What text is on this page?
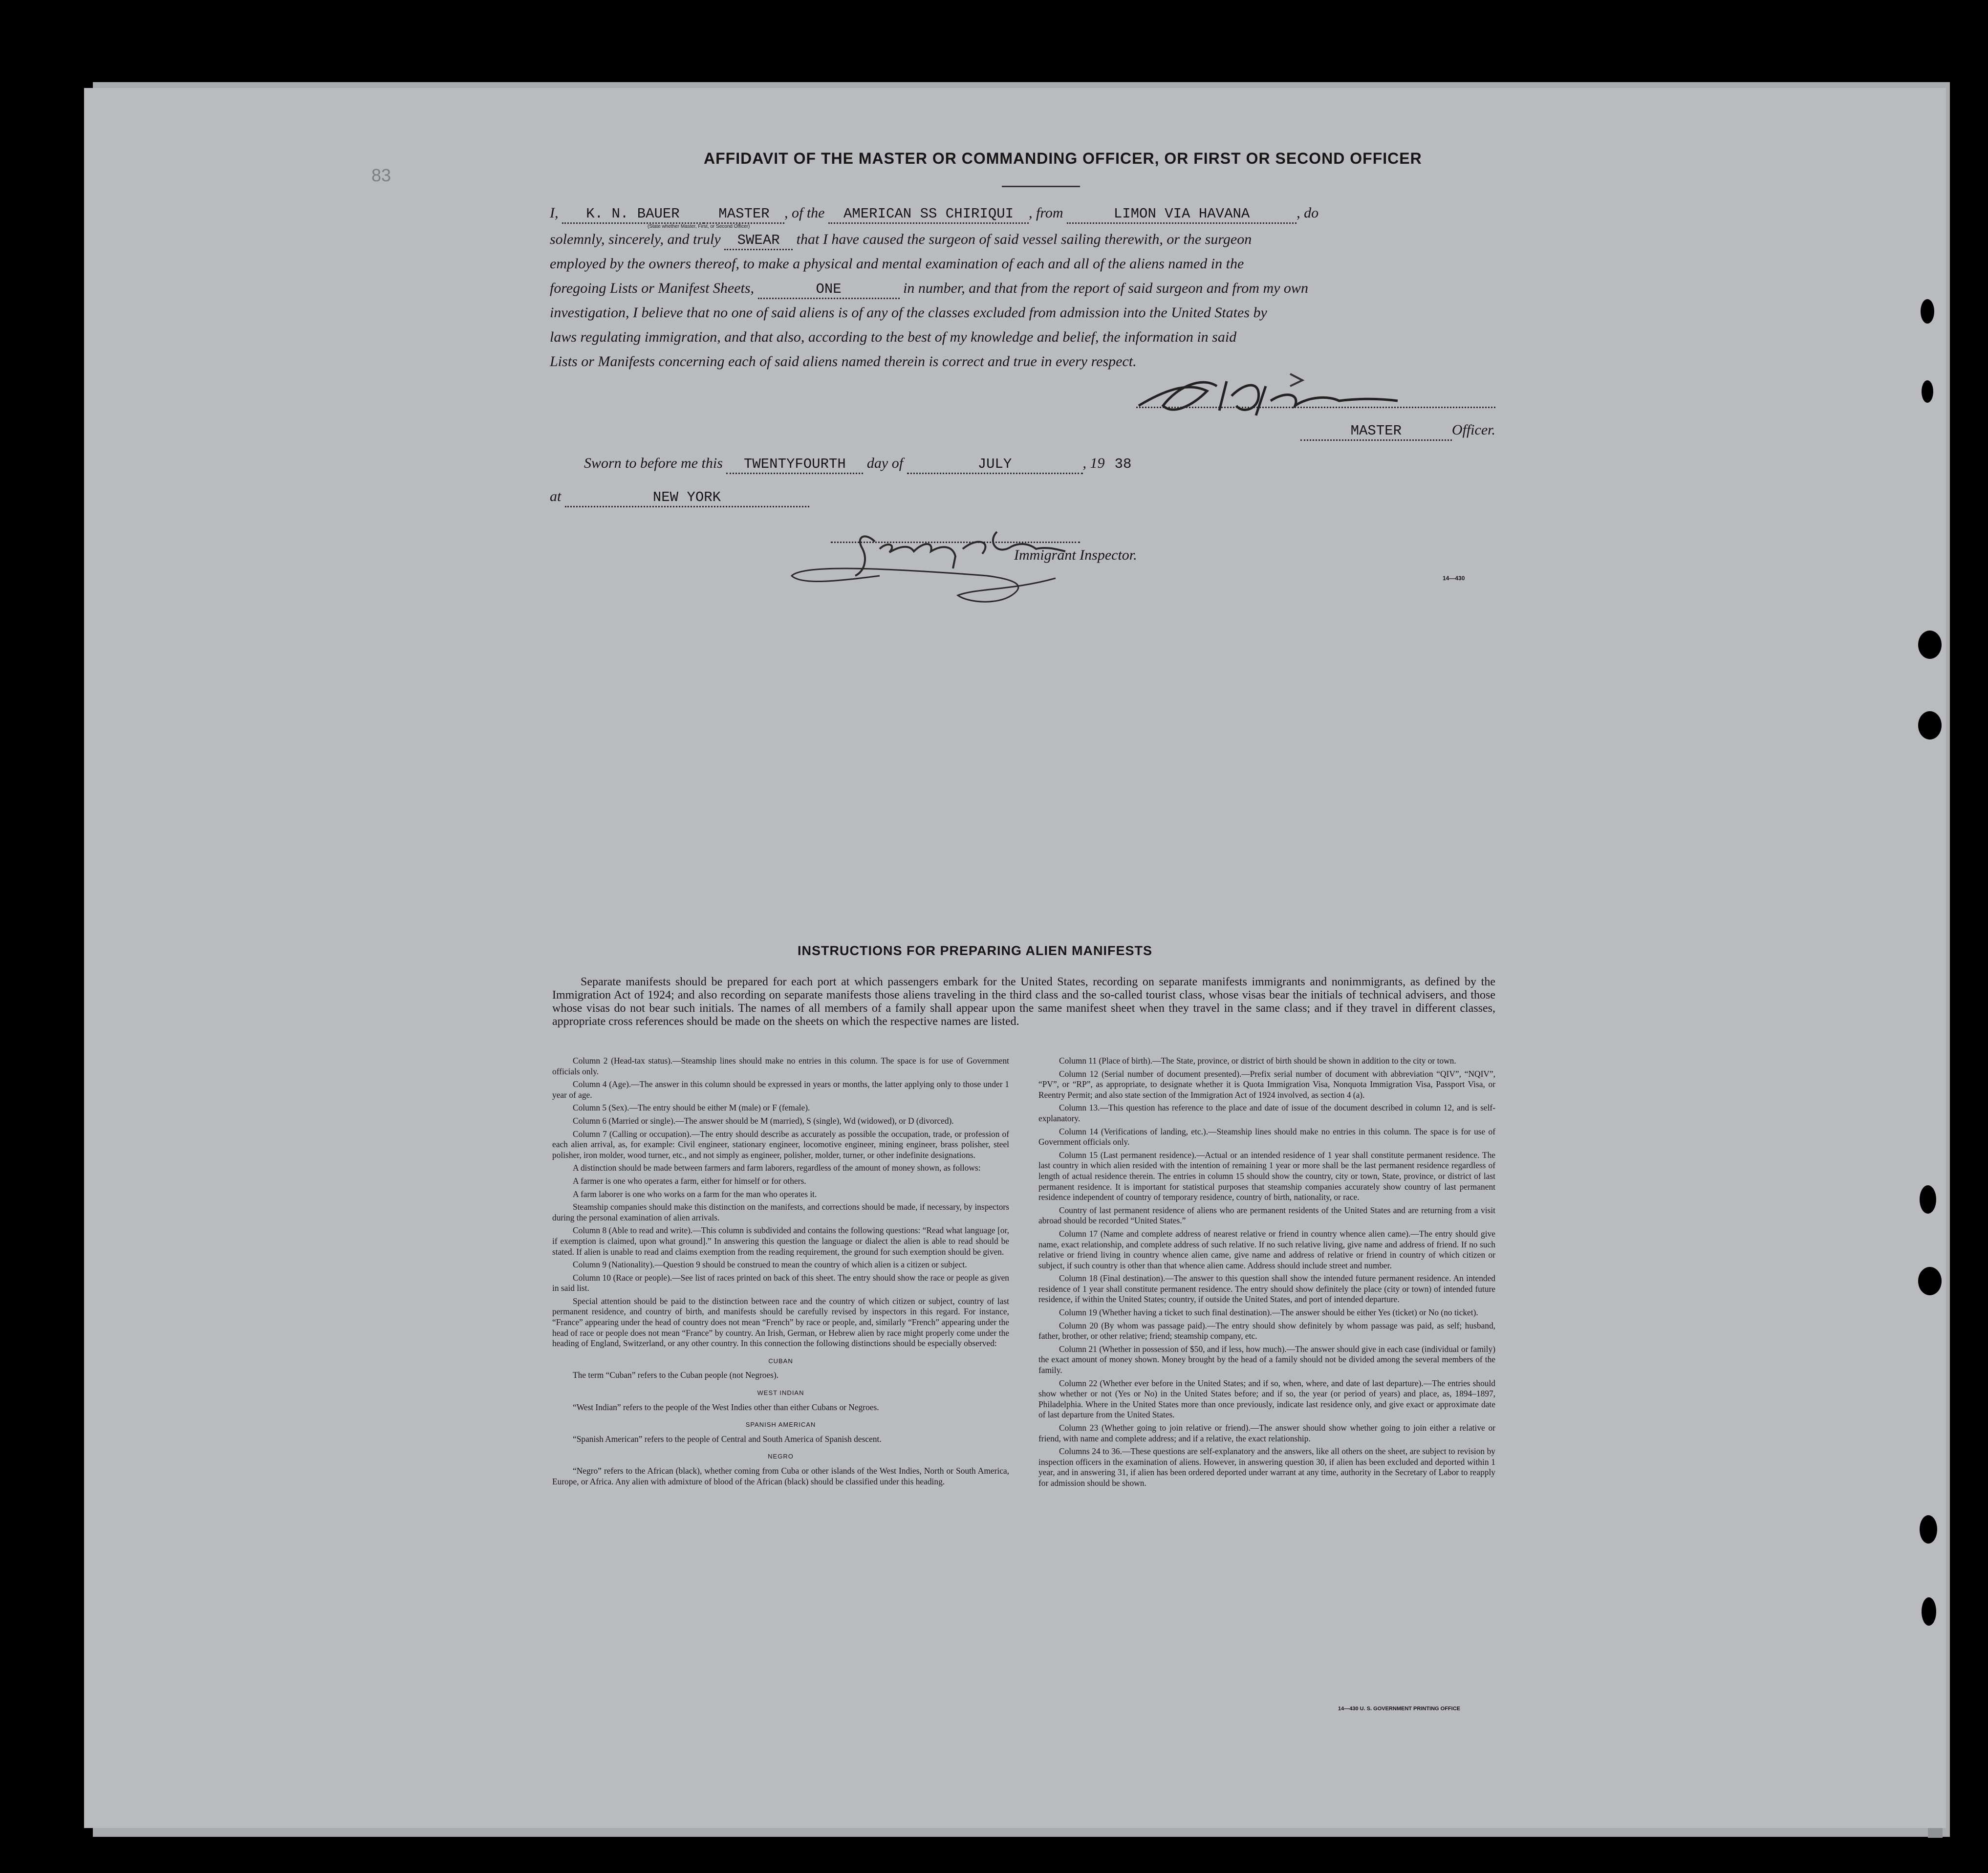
83
AFFIDAVIT OF THE MASTER OR COMMANDING OFFICER, OR FIRST OR SECOND OFFICER
I, K. N. BAUER	MASTER , of the AMERICAN SS CHIRIQUI , from	LIMON VIA HAVANA	, do
(State whether Master, First, or Second Officer)
solemnly, sincerely, and truly SWEAR that I have caused the surgeon of said vessel sailing therewith, or the surgeon
employed by the owners thereof, to make a physical and mental examination of each and all of the aliens named in the
foregoing Lists or Manifest Sheets,	ONE	in number, and that from the report of said surgeon and from my own
investigation, I believe that no one of said aliens is of any of the classes excluded from admission into the United States by
laws regulating immigration, and that also, according to the best of my knowledge and belief, the information in said
Lists or Manifests concerning each of said aliens named therein is correct and true in every respect.
MASTER	Officer.
Sworn to before me this TWENTYFOURTH day of	JULY	, 19 38
at	NEW YORK
Immigrant Inspector.
14—430
INSTRUCTIONS FOR PREPARING ALIEN MANIFESTS
Separate manifests should be prepared for each port at which passengers embark for the United States, recording on separate manifests immigrants and nonimmigrants, as defined by the Immigration Act of 1924; and also recording on separate manifests those aliens traveling in the third class and the so-called tourist class, whose visas bear the initials of technical advisers, and those whose visas do not bear such initials. The names of all members of a family shall appear upon the same manifest sheet when they travel in the same class; and if they travel in different classes, appropriate cross references should be made on the sheets on which the respective names are listed.

Column 2 (Head-tax status).—Steamship lines should make no entries in this column. The space is for use of Government officials only.

Column 4 (Age).—The answer in this column should be expressed in years or months, the latter applying only to those under 1 year of age.

Column 5 (Sex).—The entry should be either M (male) or F (female).

Column 6 (Married or single).—The answer should be M (married), S (single), Wd (widowed), or D (divorced).

Column 7 (Calling or occupation).—The entry should describe as accurately as possible the occupation, trade, or profession of each alien arrival, as, for example: Civil engineer, stationary engineer, locomotive engineer, mining engineer, brass polisher, steel polisher, iron molder, wood turner, etc., and not simply as engineer, polisher, molder, turner, or other indefinite designations.

A distinction should be made between farmers and farm laborers, regardless of the amount of money shown, as follows:

A farmer is one who operates a farm, either for himself or for others.

A farm laborer is one who works on a farm for the man who operates it.

Steamship companies should make this distinction on the manifests, and corrections should be made, if necessary, by inspectors during the personal examination of alien arrivals.

Column 8 (Able to read and write).—This column is subdivided and contains the following questions: “Read what language [or, if exemption is claimed, upon what ground].” In answering this question the language or dialect the alien is able to read should be stated. If alien is unable to read and claims exemption from the reading requirement, the ground for such exemption should be given.

Column 9 (Nationality).—Question 9 should be construed to mean the country of which alien is a citizen or subject.

Column 10 (Race or people).—See list of races printed on back of this sheet. The entry should show the race or people as given in said list.

Special attention should be paid to the distinction between race and the country of which citizen or subject, country of last permanent residence, and country of birth, and manifests should be carefully revised by inspectors in this regard. For instance, “France” appearing under the head of country does not mean “French” by race or people, and, similarly “French” appearing under the head of race or people does not mean “France” by country. An Irish, German, or Hebrew alien by race might properly come under the heading of England, Switzerland, or any other country. In this connection the following distinctions should be especially observed:

CUBAN

The term “Cuban” refers to the Cuban people (not Negroes).

WEST INDIAN

“West Indian” refers to the people of the West Indies other than either Cubans or Negroes.

SPANISH AMERICAN

“Spanish American” refers to the people of Central and South America of Spanish descent.

NEGRO

“Negro” refers to the African (black), whether coming from Cuba or other islands of the West Indies, North or South America, Europe, or Africa. Any alien with admixture of blood of the African (black) should be classified under this heading.

Column 11 (Place of birth).—The State, province, or district of birth should be shown in addition to the city or town.

Column 12 (Serial number of document presented).—Prefix serial number of document with abbreviation “QIV”, “NQIV”, “PV”, or “RP”, as appropriate, to designate whether it is Quota Immigration Visa, Nonquota Immigration Visa, Passport Visa, or Reentry Permit; and also state section of the Immigration Act of 1924 involved, as section 4 (a).

Column 13.—This question has reference to the place and date of issue of the document described in column 12, and is self-explanatory.

Column 14 (Verifications of landing, etc.).—Steamship lines should make no entries in this column. The space is for use of Government officials only.

Column 15 (Last permanent residence).—Actual or an intended residence of 1 year shall constitute permanent residence. The last country in which alien resided with the intention of remaining 1 year or more shall be the last permanent residence regardless of length of actual residence therein. The entries in column 15 should show the country, city or town, State, province, or district of last permanent residence. It is important for statistical purposes that steamship companies accurately show country of last permanent residence independent of country of temporary residence, country of birth, nationality, or race.

Country of last permanent residence of aliens who are permanent residents of the United States and are returning from a visit abroad should be recorded “United States.”

Column 17 (Name and complete address of nearest relative or friend in country whence alien came).—The entry should give name, exact relationship, and complete address of such relative. If no such relative living, give name and address of friend. If no such relative or friend living in country whence alien came, give name and address of relative or friend in country of which citizen or subject, if such country is other than that whence alien came. Address should include street and number.

Column 18 (Final destination).—The answer to this question shall show the intended future permanent residence. An intended residence of 1 year shall constitute permanent residence. The entry should show definitely the place (city or town) of intended future residence, if within the United States; country, if outside the United States, and port of intended departure.

Column 19 (Whether having a ticket to such final destination).—The answer should be either Yes (ticket) or No (no ticket).

Column 20 (By whom was passage paid).—The entry should show definitely by whom passage was paid, as self; husband, father, brother, or other relative; friend; steamship company, etc.

Column 21 (Whether in possession of $50, and if less, how much).—The answer should give in each case (individual or family) the exact amount of money shown. Money brought by the head of a family should not be divided among the several members of the family.

Column 22 (Whether ever before in the United States; and if so, when, where, and date of last departure).—The entries should show whether or not (Yes or No) in the United States before; and if so, the year (or period of years) and place, as, 1894–1897, Philadelphia. Where in the United States more than once previously, indicate last residence only, and give exact or approximate date of last departure from the United States.

Column 23 (Whether going to join relative or friend).—The answer should show whether going to join either a relative or friend, with name and complete address; and if a relative, the exact relationship.

Columns 24 to 36.—These questions are self-explanatory and the answers, like all others on the sheet, are subject to revision by inspection officers in the examination of aliens. However, in answering question 30, if alien has been excluded and deported within 1 year, and in answering 31, if alien has been ordered deported under warrant at any time, authority in the Secretary of Labor to reapply for admission should be shown.

14—430 U. S. GOVERNMENT PRINTING OFFICE
